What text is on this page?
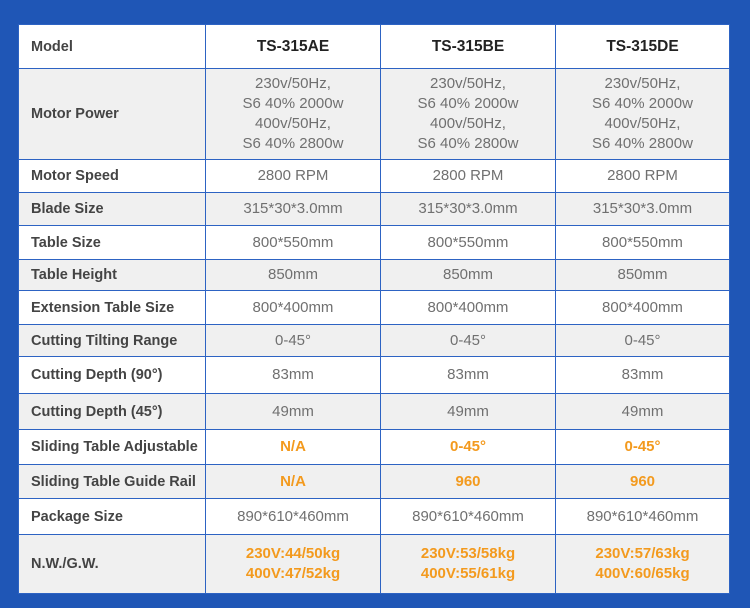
Model	TS-315AE	TS-315BE	TS-315DE
Motor Power	230v/50Hz,
S6 40% 2000w
400v/50Hz,
S6 40% 2800w	230v/50Hz,
S6 40% 2000w
400v/50Hz,
S6 40% 2800w	230v/50Hz,
S6 40% 2000w
400v/50Hz,
S6 40% 2800w

Motor Speed	2800 RPM	2800 RPM	2800 RPM

Blade Size	315*30*3.0mm	315*30*3.0mm	315*30*3.0mm

Table Size	800*550mm	800*550mm	800*550mm

Table Height	850mm	850mm	850mm

Extension Table Size	800*400mm	800*400mm	800*400mm

Cutting Tilting Range	0-45°	0-45°	0-45°

Cutting Depth (90°)	83mm	83mm	83mm

Cutting Depth (45°)	49mm	49mm	49mm

Sliding Table Adjustable	N/A	0-45°	0-45°

Sliding Table Guide Rail	N/A	960	960

Package Size	890*610*460mm	890*610*460mm	890*610*460mm

N.W./G.W.	230V:44/50kg
400V:47/52kg	230V:53/58kg
400V:55/61kg	230V:57/63kg
400V:60/65kg
